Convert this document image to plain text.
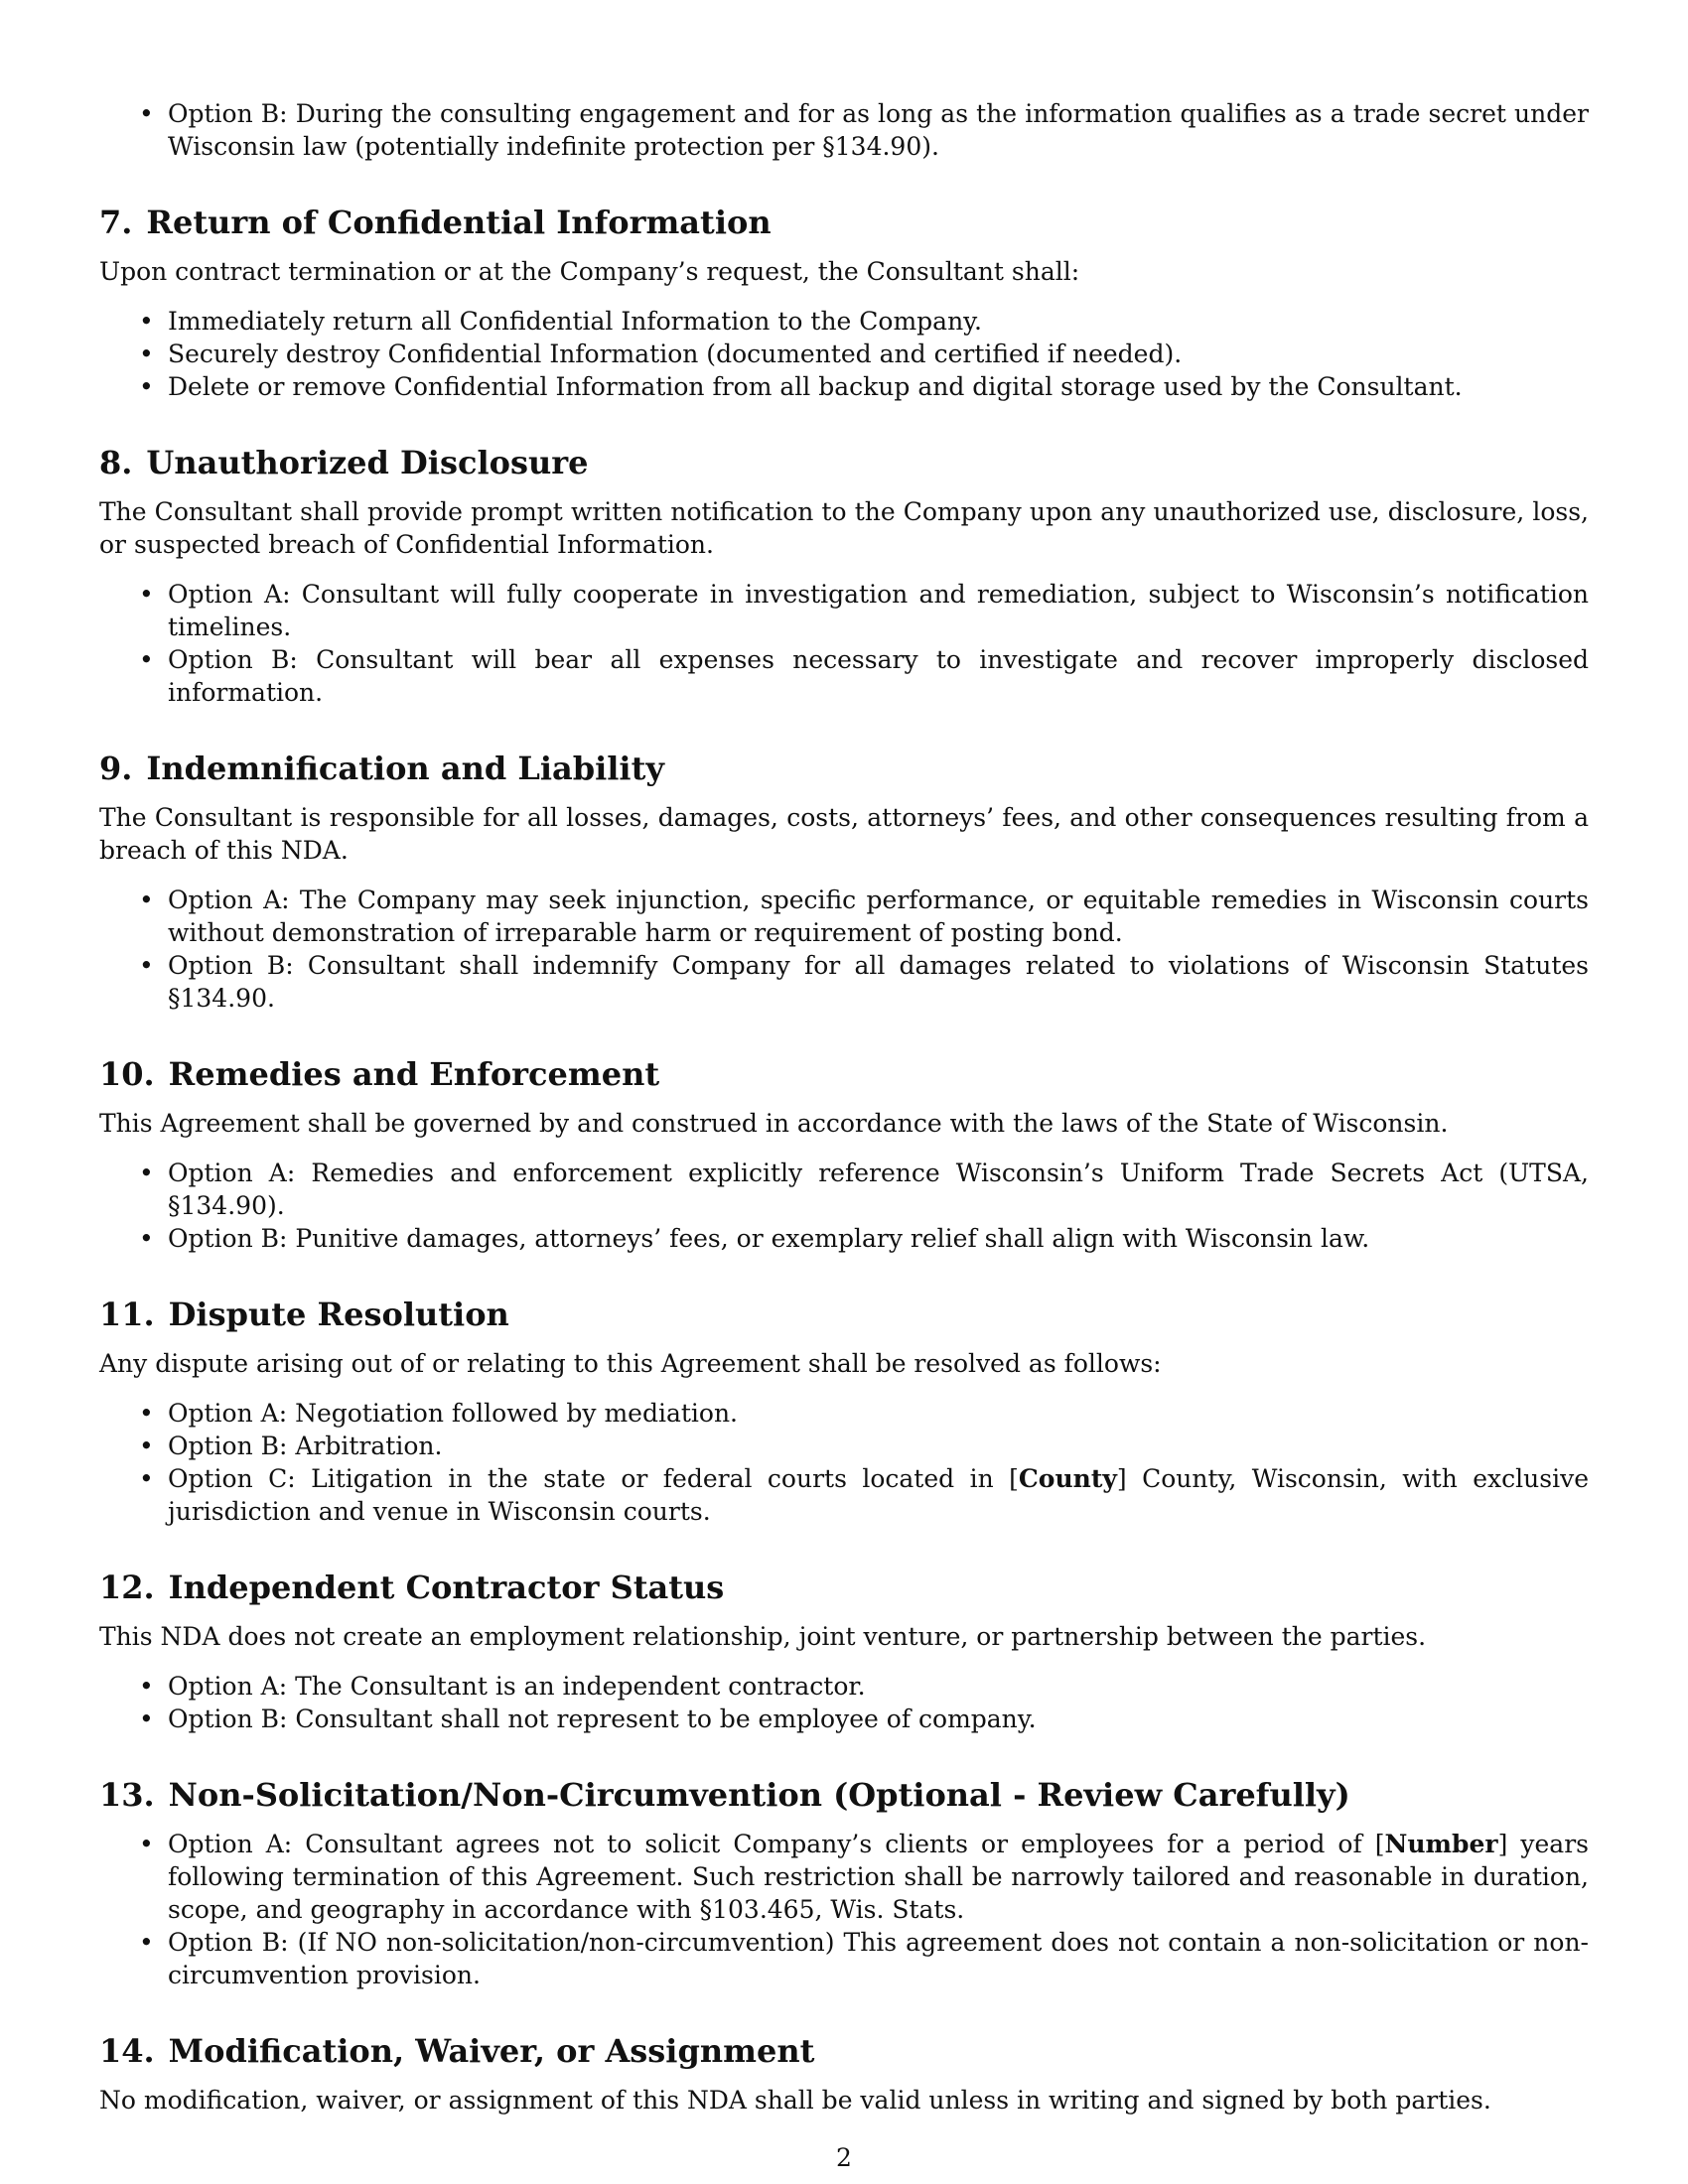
• Option B: During the consulting engagement and for as long as the information qualifies as a trade secret under Wisconsin law (potentially indefinite protection per §134.90).
7. Return of Confidential Information

Upon contract termination or at the Company’s request, the Consultant shall:

• Immediately return all Confidential Information to the Company.
• Securely destroy Confidential Information (documented and certified if needed).
• Delete or remove Confidential Information from all backup and digital storage used by the Consultant.
8. Unauthorized Disclosure

The Consultant shall provide prompt written notification to the Company upon any unauthorized use, disclosure, loss, or suspected breach of Confidential Information.

• Option A: Consultant will fully cooperate in investigation and remediation, subject to Wisconsin’s notification timelines.
• Option B: Consultant will bear all expenses necessary to investigate and recover improperly disclosed information.
9. Indemnification and Liability

The Consultant is responsible for all losses, damages, costs, attorneys’ fees, and other consequences resulting from a breach of this NDA.

• Option A: The Company may seek injunction, specific performance, or equitable remedies in Wisconsin courts without demonstration of irreparable harm or requirement of posting bond.
• Option B: Consultant shall indemnify Company for all damages related to violations of Wisconsin Statutes §134.90.
10. Remedies and Enforcement

This Agreement shall be governed by and construed in accordance with the laws of the State of Wisconsin.

• Option A: Remedies and enforcement explicitly reference Wisconsin’s Uniform Trade Secrets Act (UTSA, §134.90).
• Option B: Punitive damages, attorneys’ fees, or exemplary relief shall align with Wisconsin law.
11. Dispute Resolution

Any dispute arising out of or relating to this Agreement shall be resolved as follows:

• Option A: Negotiation followed by mediation.
• Option B: Arbitration.
• Option C: Litigation in the state or federal courts located in [County] County, Wisconsin, with exclusive jurisdiction and venue in Wisconsin courts.
12. Independent Contractor Status

This NDA does not create an employment relationship, joint venture, or partnership between the parties.

• Option A: The Consultant is an independent contractor.
• Option B: Consultant shall not represent to be employee of company.
13. Non-Solicitation/Non-Circumvention (Optional - Review Carefully)
• Option A: Consultant agrees not to solicit Company’s clients or employees for a period of [Number] years following termination of this Agreement. Such restriction shall be narrowly tailored and reasonable in duration, scope, and geography in accordance with §103.465, Wis. Stats.
• Option B: (If NO non-solicitation/non-circumvention) This agreement does not contain a non-solicitation or non-circumvention provision.
14. Modification, Waiver, or Assignment

No modification, waiver, or assignment of this NDA shall be valid unless in writing and signed by both parties.

2
